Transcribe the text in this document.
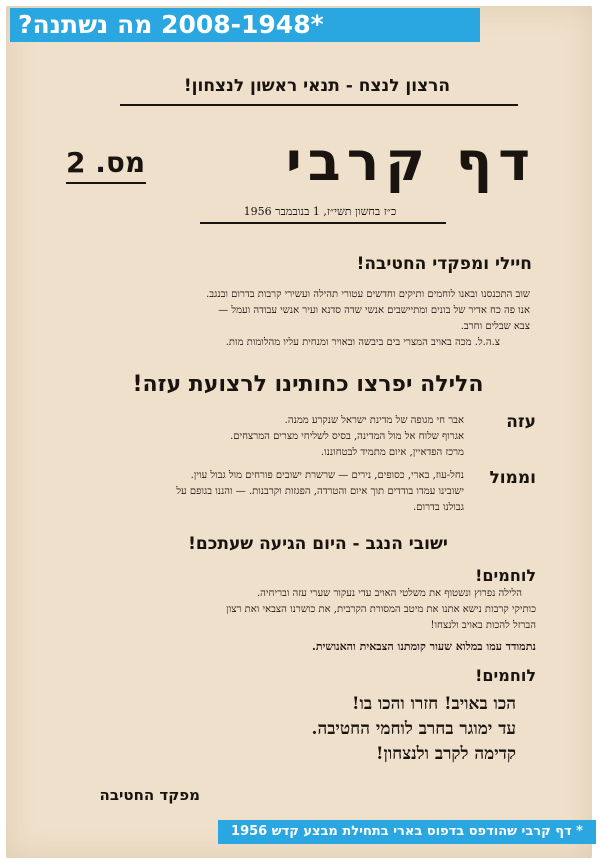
*2008-1948 מה נשתנה?
הרצון לנצח - תנאי ראשון לנצחון!
דף קרבי
מס. 2
כ״ז בחשון תשי״ז, 1 בנובמבר 1956
חיילי ומפקדי החטיבה!
שוב התכנסנו ובאנו לוחמים ותיקים וחדשים עטורי תהילה ועשירי קרבות בדרום ובנגב.
אנו פה כח אדיר של בונים ומתיישבים אנשי שדה סדנא ועיר אנשי עבודה ועמל —
צבא שבלים וחרב.
צ.ה.ל. מכה באויב המצרי בים ביבשה ובאויר ומנחית עליו מהלומות מות.
הלילה יפרצו כחותינו לרצועת עזה!
עזה
אבר חי מגופה של מדינת ישראל שנקרע ממנה.
אגרוף שלוח אל מול המדינה, בסיס לשליחי מצרים המרצחים.
מרכז הפדאיין, איום מתמיד לבטחוננו.
וממול
נחל-עוז, בארי, כסופים, נירים — שרשרת ישובים פורחים מול גבול עוין.
ישובינו עמדו בודדים תוך איום והטרדה, הפגזות וקרבנות. — והננו בגופם על
גבולנו בדרום.
ישובי הנגב - היום הגיעה שעתכם!
לוחמים!
הלילה נפרוץ ונשטוף את משלטי האויב עדי נעקור שערי עזה ובריחיה.
כותיקי קרבות נישא אתנו את מיטב המסורת הקרבית, את כושרנו הצבאי ואת רצון
הברזל להכות באויב ולנצחו!
נתמודד עמו במלוא שעור קומתנו הצבאית והאנושית.
לוחמים!
הכו באויב! חזרו והכו בו!
עד ימוגר בחרב לוחמי החטיבה.
קדימה לקרב ולנצחון!
מפקד החטיבה
* דף קרבי שהודפס בדפוס בארי בתחילת מבצע קדש 1956
